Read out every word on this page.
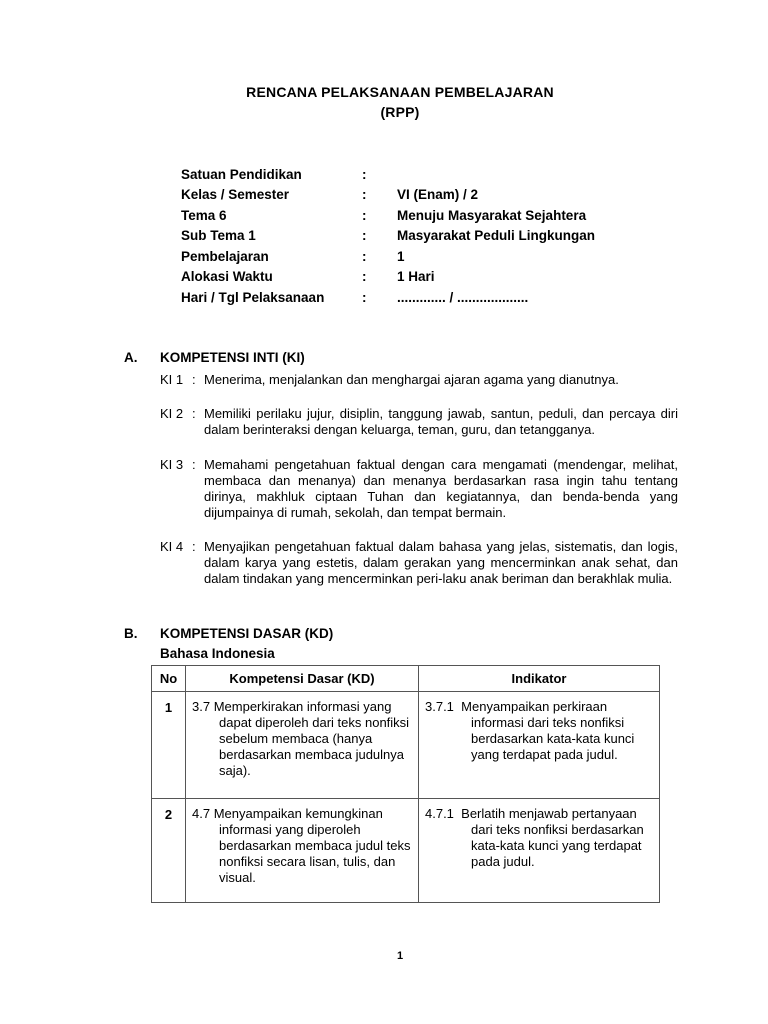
RENCANA PELAKSANAAN PEMBELAJARAN
(RPP)
Satuan Pendidikan	:
Kelas / Semester	: VI (Enam) / 2
Tema 6	: Menuju Masyarakat Sejahtera
Sub Tema 1	: Masyarakat Peduli Lingkungan
Pembelajaran	: 1
Alokasi Waktu	: 1 Hari
Hari / Tgl Pelaksanaan	: ............. / ...................
A. KOMPETENSI INTI (KI)
KI 1 : Menerima, menjalankan dan menghargai ajaran agama yang dianutnya.
KI 2 : Memiliki perilaku jujur, disiplin, tanggung jawab, santun, peduli, dan percaya diri dalam berinteraksi dengan keluarga, teman, guru, dan tetangganya.
KI 3 : Memahami pengetahuan faktual dengan cara mengamati (mendengar, melihat, membaca dan menanya) dan menanya berdasarkan rasa ingin tahu tentang dirinya, makhluk ciptaan Tuhan dan kegiatannya, dan benda-benda yang dijumpainya di rumah, sekolah, dan tempat bermain.
KI 4 : Menyajikan pengetahuan faktual dalam bahasa yang jelas, sistematis, dan logis, dalam karya yang estetis, dalam gerakan yang mencerminkan anak sehat, dan dalam tindakan yang mencerminkan peri-laku anak beriman dan berakhlak mulia.
B. KOMPETENSI DASAR (KD)
Bahasa Indonesia
No	Kompetensi Dasar (KD)	Indikator
1	3.7 Memperkirakan informasi yang dapat diperoleh dari teks nonfiksi sebelum membaca (hanya berdasarkan membaca judulnya saja).	3.7.1 Menyampaikan perkiraan informasi dari teks nonfiksi berdasarkan kata-kata kunci yang terdapat pada judul.

2	4.7 Menyampaikan kemungkinan informasi yang diperoleh berdasarkan membaca judul teks nonfiksi secara lisan, tulis, dan visual.	4.7.1 Berlatih menjawab pertanyaan dari teks nonfiksi berdasarkan kata-kata kunci yang terdapat pada judul.
1
